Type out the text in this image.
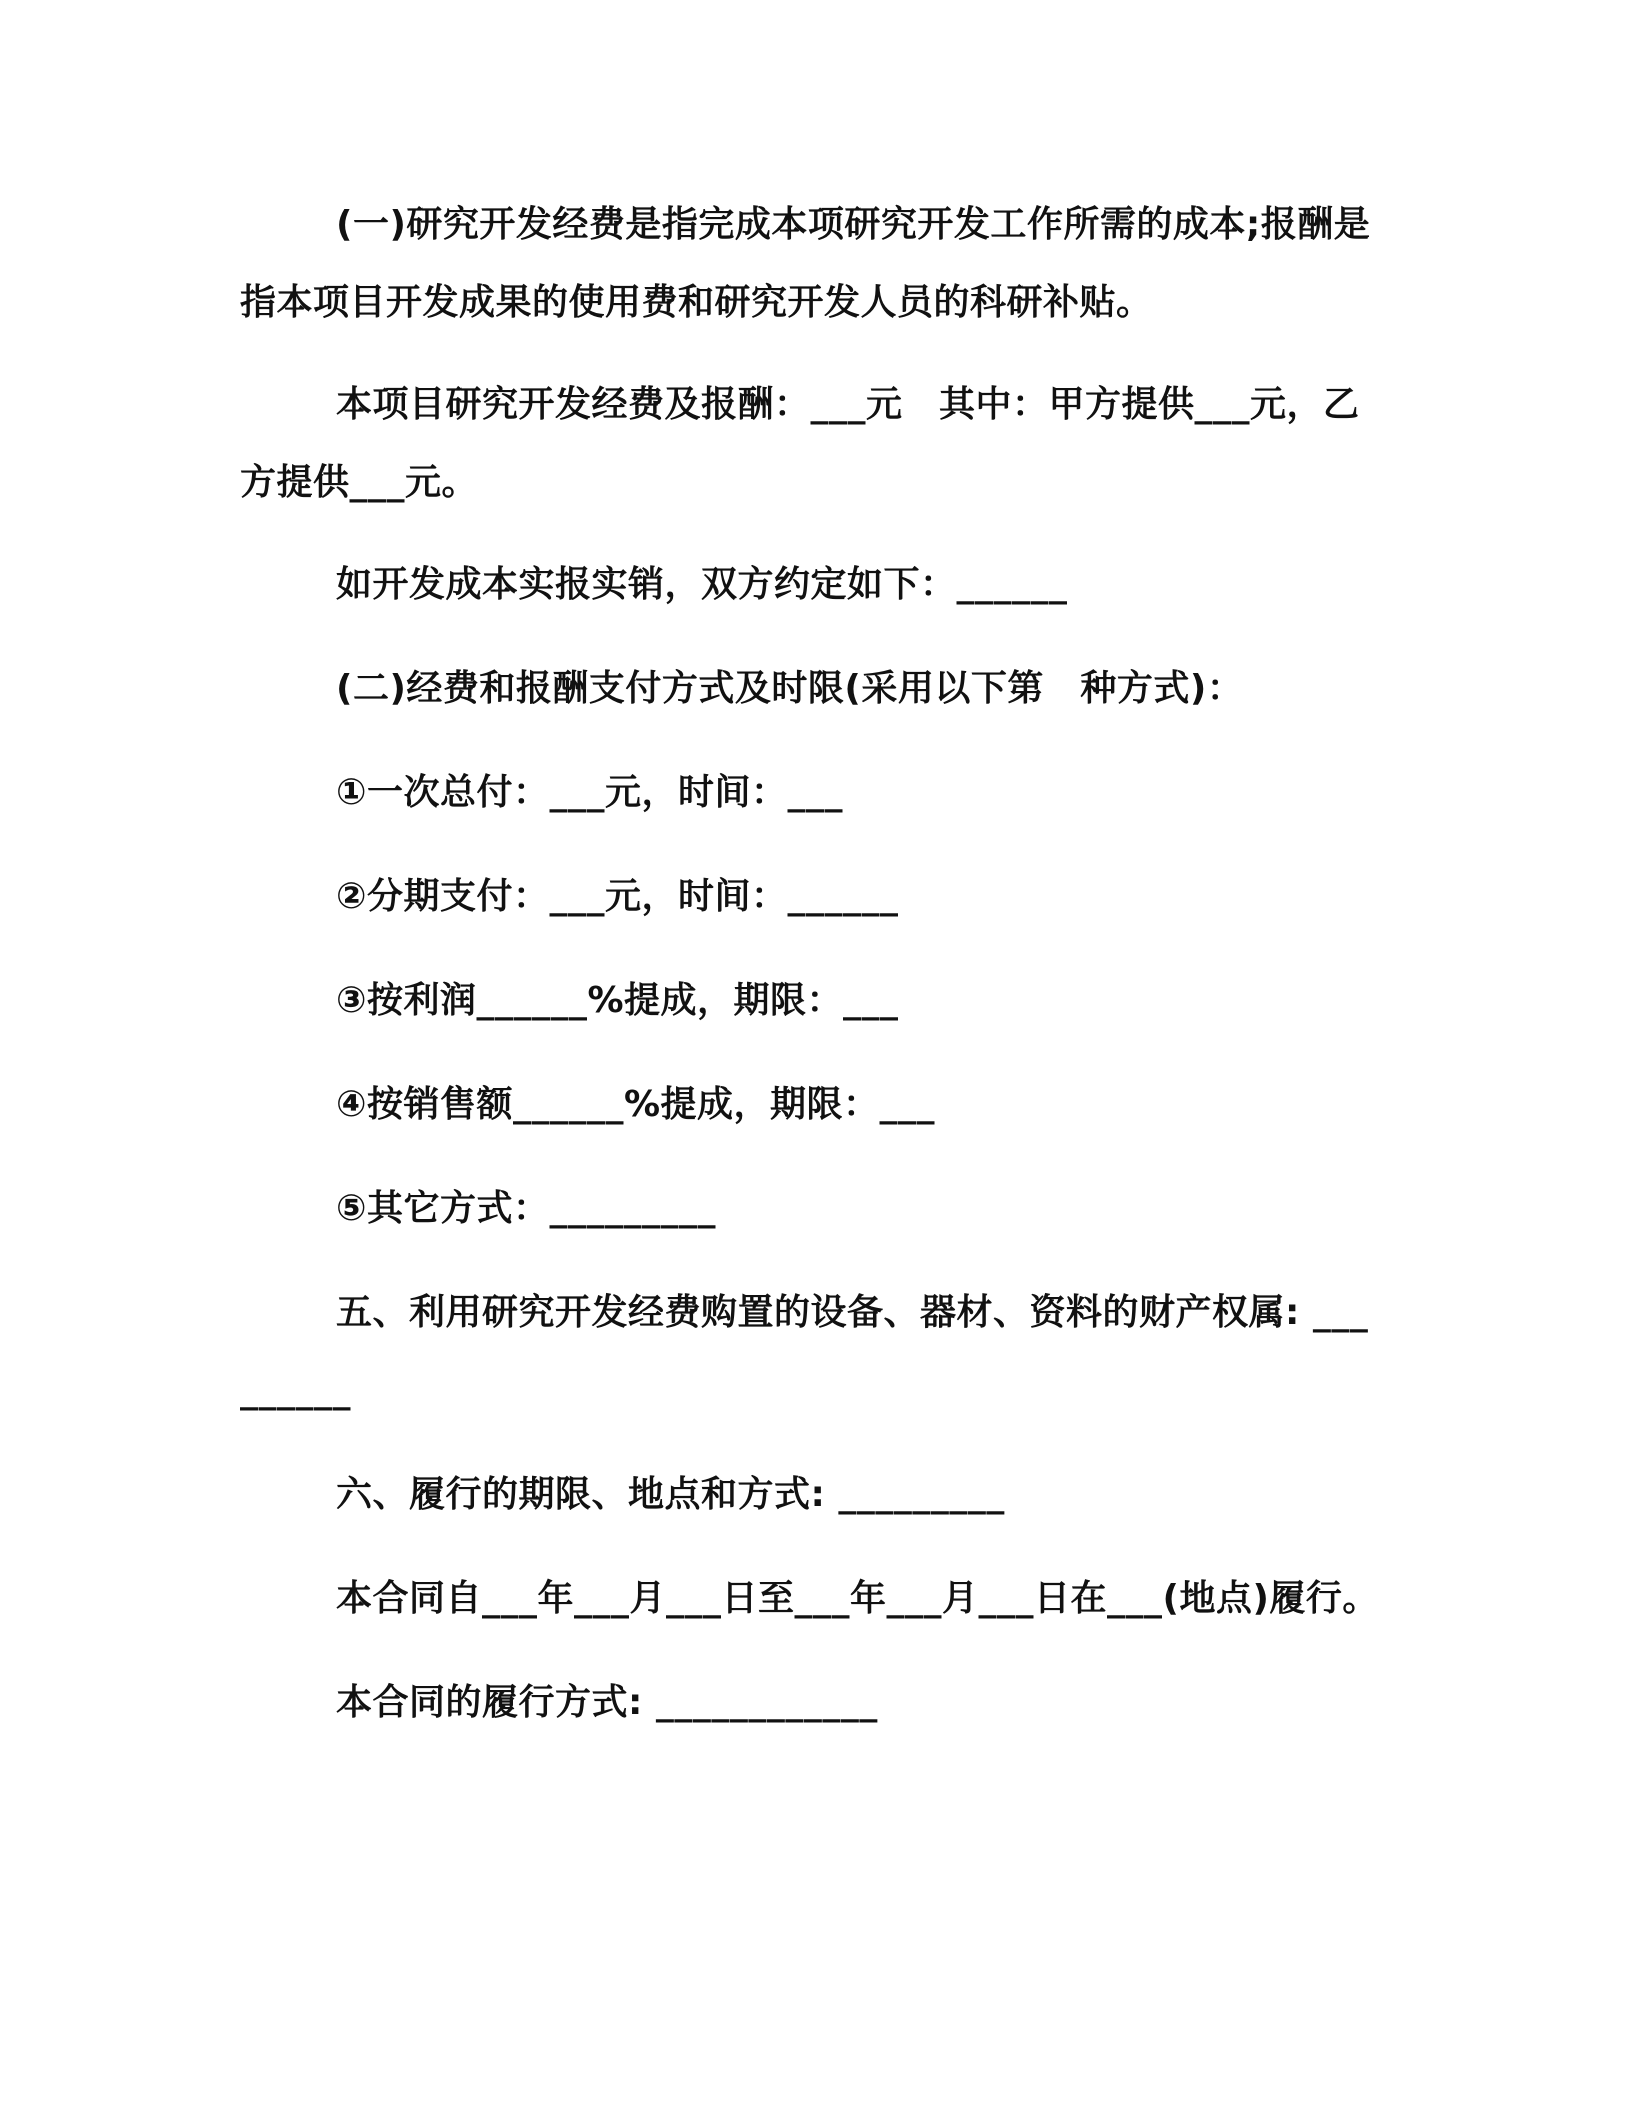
(一)研究开发经费是指完成本项研究开发工作所需的成本;报酬是指本项目开发成果的使用费和研究开发人员的科研补贴。

本项目研究开发经费及报酬：___元　其中：甲方提供___元，乙方提供___元。

如开发成本实报实销，双方约定如下：______

(二)经费和报酬支付方式及时限(采用以下第　种方式)：

①一次总付：___元，时间：___

②分期支付：___元，时间：______

③按利润______%提成，期限：___

④按销售额______%提成，期限：___

⑤其它方式：_________

五、利用研究开发经费购置的设备、器材、资料的财产权属: _________

六、履行的期限、地点和方式: _________

本合同自___年___月___日至___年___月___日在___(地点)履行。

本合同的履行方式: ____________
